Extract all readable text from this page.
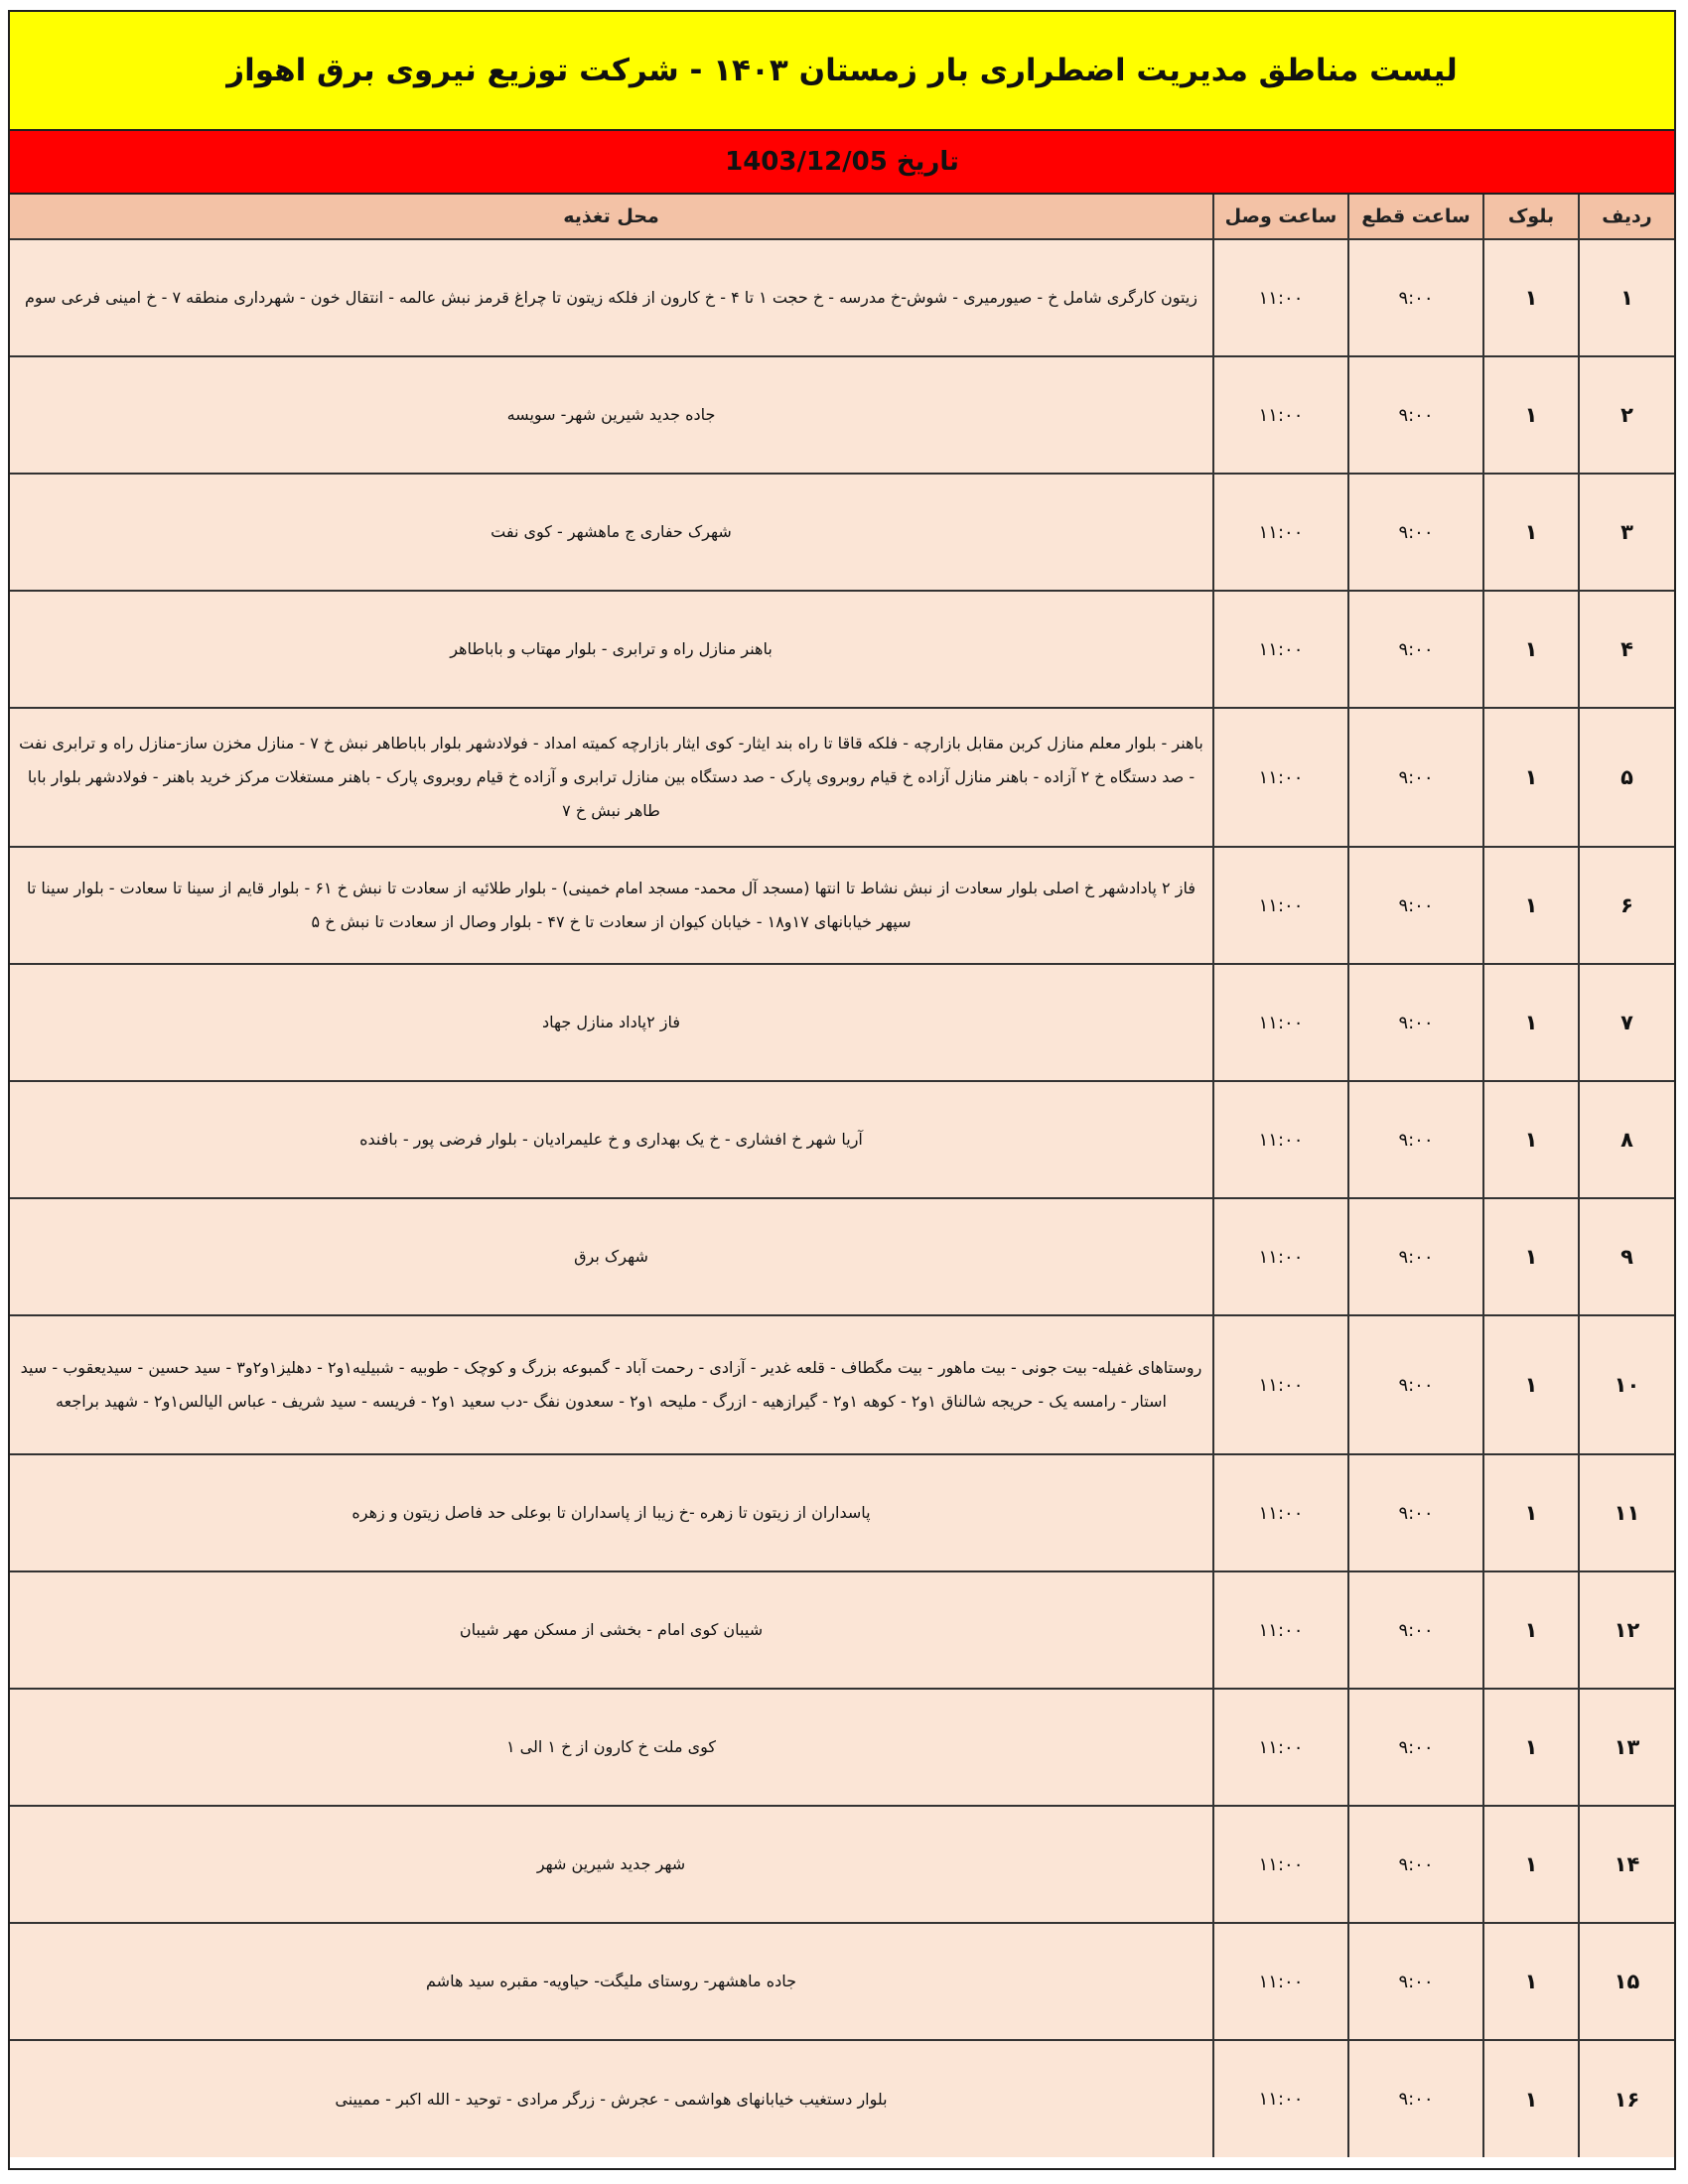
لیست مناطق مدیریت اضطراری بار زمستان ۱۴۰۳ - شرکت توزیع نیروی برق اهواز
تاریخ 1403/12/05
ردیف	بلوک	ساعت قطع	ساعت وصل	محل تغذیه
۱	۱	۹:۰۰	۱۱:۰۰	زیتون کارگری شامل خ - صیورمیری - شوش-خ مدرسه - خ حجت ۱ تا ۴ - خ کارون از فلکه زیتون تا چراغ قرمز نبش عالمه - انتقال خون - شهرداری منطقه ۷ - خ امینی فرعی سوم
۲	۱	۹:۰۰	۱۱:۰۰	جاده جدید شیرین شهر- سویسه
۳	۱	۹:۰۰	۱۱:۰۰	شهرک حفاری ج ماهشهر - کوی نفت
۴	۱	۹:۰۰	۱۱:۰۰	باهنر منازل راه و ترابری - بلوار مهتاب و باباطاهر
۵	۱	۹:۰۰	۱۱:۰۰	باهنر - بلوار معلم منازل کربن مقابل بازارچه - فلکه قاقا تا راه بند ایثار- کوی ایثار بازارچه کمیته امداد - فولادشهر بلوار باباطاهر نبش خ ۷ - منازل مخزن ساز-منازل راه و ترابری نفت - صد دستگاه خ ۲ آزاده - باهنر منازل آزاده خ قیام روبروی پارک - صد دستگاه بین منازل ترابری و آزاده خ قیام روبروی پارک - باهنر مستغلات مرکز خرید باهنر - فولادشهر بلوار بابا طاهر نبش خ ۷
۶	۱	۹:۰۰	۱۱:۰۰	فاز ۲ پادادشهر خ اصلی بلوار سعادت از نبش نشاط تا انتها (مسجد آل محمد- مسجد امام خمینی) - بلوار طلائیه از سعادت تا نبش خ ۶۱ - بلوار قایم از سینا تا سعادت - بلوار سینا تا سپهر خیابانهای ۱۷و۱۸ - خیابان کیوان از سعادت تا خ ۴۷ - بلوار وصال از سعادت تا نبش خ ۵
۷	۱	۹:۰۰	۱۱:۰۰	فاز ۲پاداد منازل جهاد
۸	۱	۹:۰۰	۱۱:۰۰	آریا شهر خ افشاری - خ یک بهداری و خ علیمرادیان - بلوار فرضی پور - بافنده
۹	۱	۹:۰۰	۱۱:۰۰	شهرک برق
۱۰	۱	۹:۰۰	۱۱:۰۰	روستاهای غفیله- بیت جونی - بیت ماهور - بیت مگطاف - قلعه غدیر - آزادی - رحمت آباد - گمبوعه بزرگ و کوچک - طوبیه - شبیلیه۱و۲ - دهلیز۱و۲و۳ - سید حسین - سیدیعقوب - سید استار - رامسه یک - حریجه شالناق ۱و۲ - کوهه ۱و۲ - گیرازهیه - ازرگ - ملیحه ۱و۲ - سعدون نفگ -دب سعید ۱و۲ - فریسه - سید شریف - عباس الیالس۱و۲ - شهید براجعه
۱۱	۱	۹:۰۰	۱۱:۰۰	پاسداران از زیتون تا زهره -خ زیبا از پاسداران تا بوعلی حد فاصل زیتون و زهره
۱۲	۱	۹:۰۰	۱۱:۰۰	شیبان کوی امام - بخشی از مسکن مهر شیبان
۱۳	۱	۹:۰۰	۱۱:۰۰	کوی ملت خ کارون از خ ۱ الی ۱
۱۴	۱	۹:۰۰	۱۱:۰۰	شهر جدید شیرین شهر
۱۵	۱	۹:۰۰	۱۱:۰۰	جاده ماهشهر- روستای ملیگت- حیاویه- مقبره سید هاشم
۱۶	۱	۹:۰۰	۱۱:۰۰	بلوار دستغیب خیابانهای هواشمی - عجرش - زرگر مرادی - توحید - الله اکبر - ممیینی
